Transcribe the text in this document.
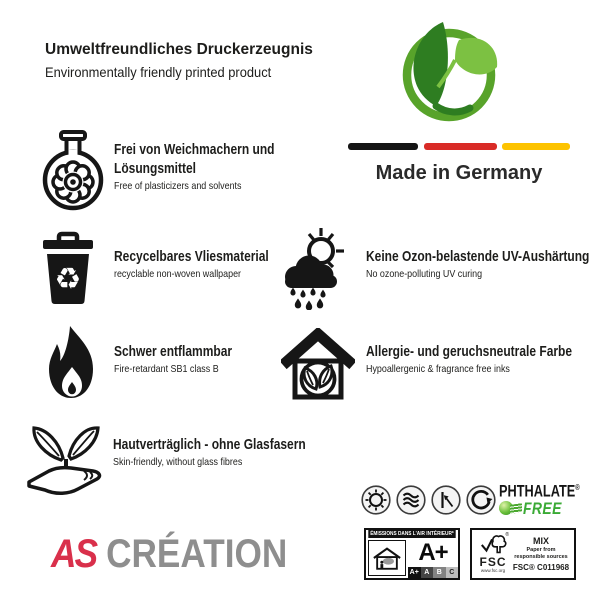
Umweltfreundliches Druckerzeugnis
Environmentally friendly printed product
Made in Germany
Frei von Weichmachern und Lösungsmittel
Free of plasticizers and solvents
♻
Recycelbares Vliesmaterial
recyclable non-woven wallpaper
Keine Ozon-belastende UV-Aushärtung
No ozone-polluting UV curing
Schwer entflammbar
Fire-retardant SB1 class B
Allergie- und geruchsneutrale Farbe
Hypoallergenic & fragrance free inks
Hautverträglich - ohne Glasfasern
Skin-friendly, without glass fibres
AS CRÉATION
PHTHALATE®
FREE
ÉMISSIONS DANS L'AIR INTÉRIEUR*
A+
A+ A	B	C
®
FSC
www.fsc.org
MIX
Paper from responsible sources
FSC® C011968
